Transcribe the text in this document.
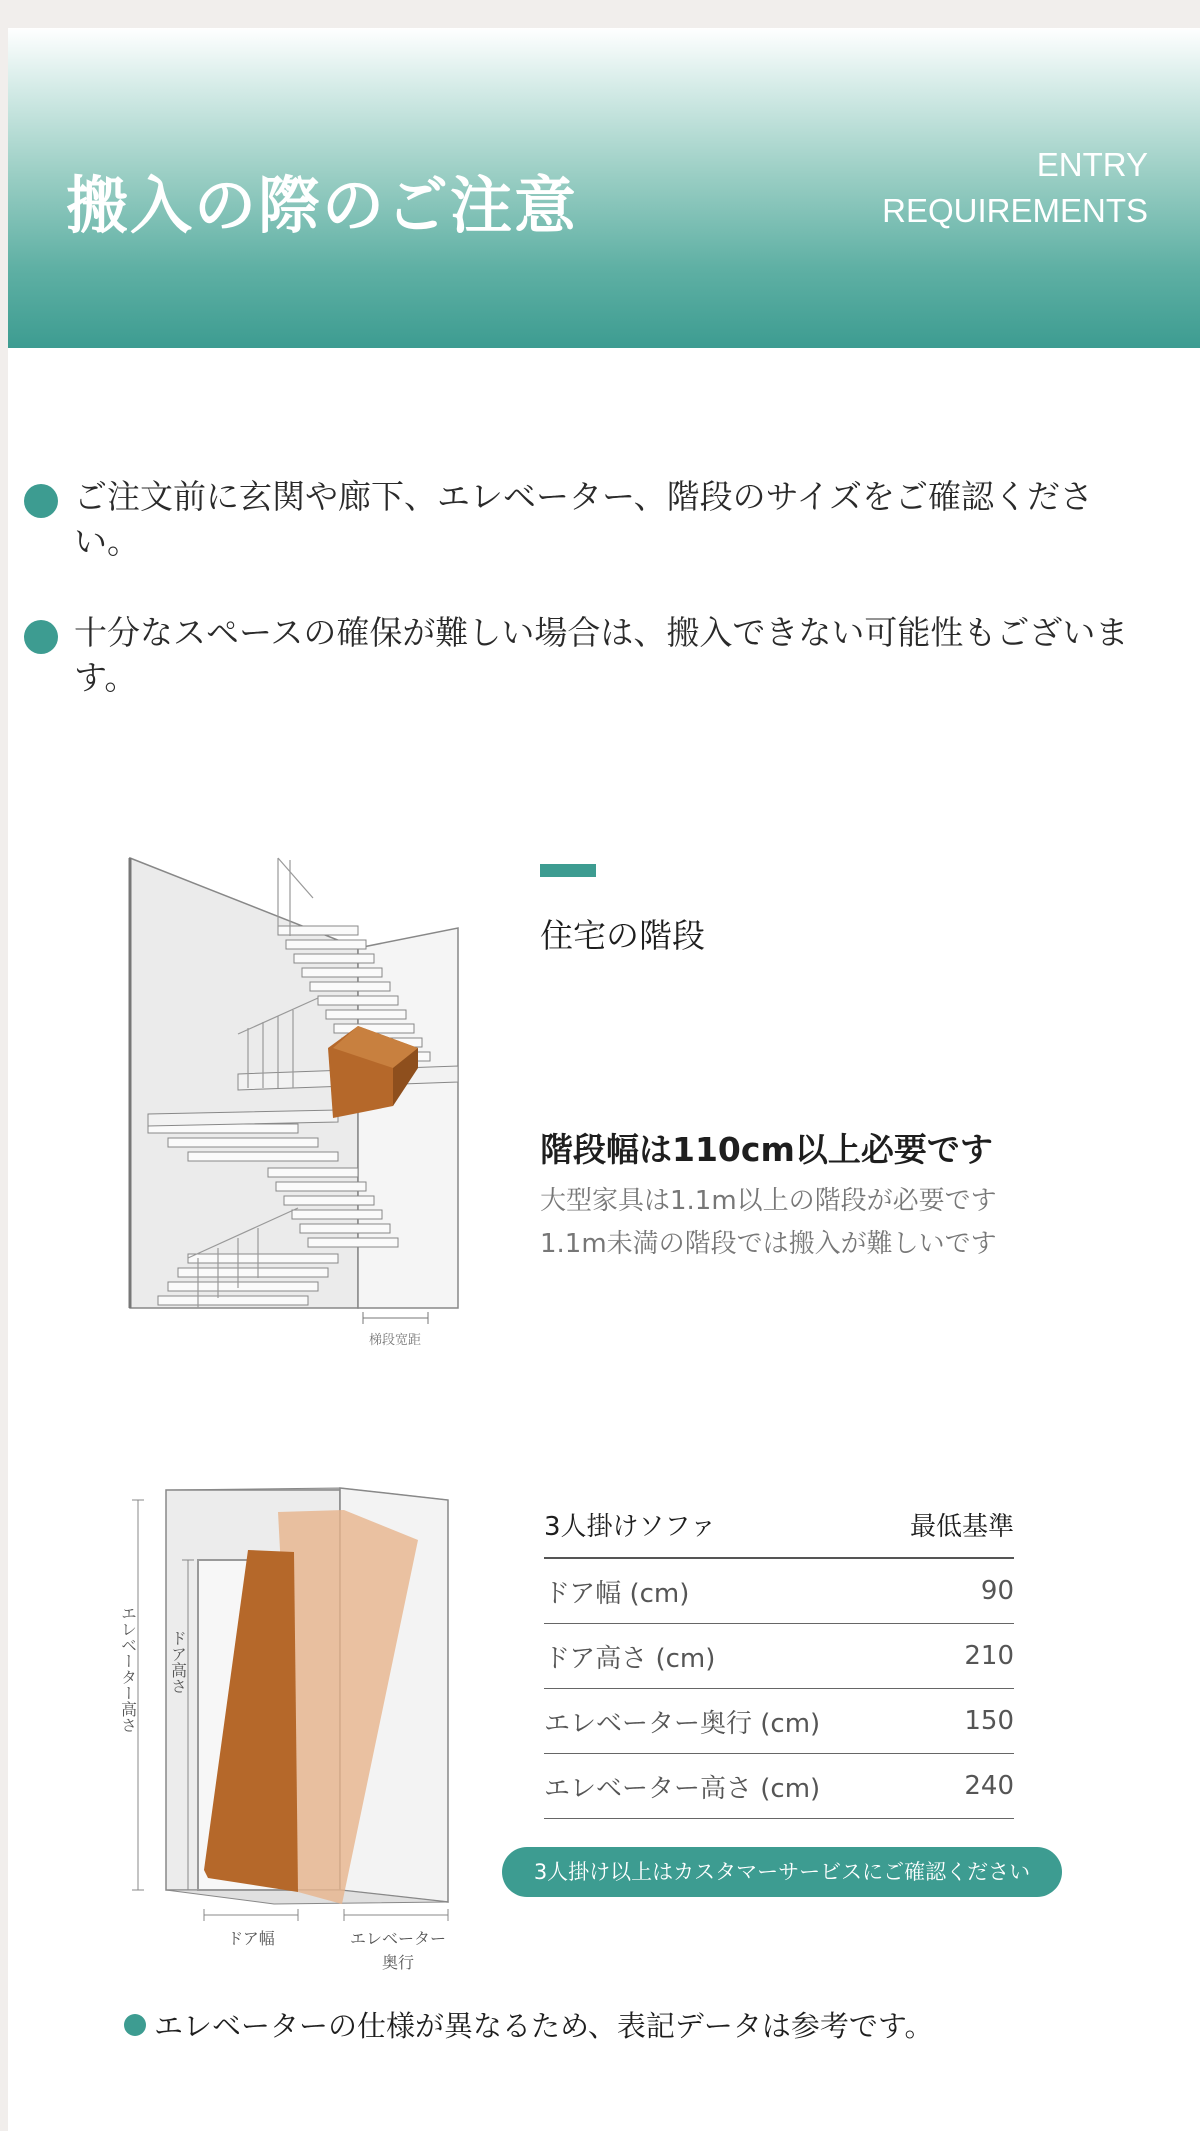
搬入の際のご注意
ENTRY
REQUIREMENTS
ご注文前に玄関や廊下、エレベーター、階段のサイズをご確認ください。
十分なスペースの確保が難しい場合は、搬入できない可能性もございます。
梯段宽距
住宅の階段
階段幅は110cm以上必要です
大型家具は1.1m以上の階段が必要です
1.1m未満の階段では搬入が難しいです
エレベーター高さ ドア高さ
ドア幅	エレベーター
奥行
3人掛けソファ	最低基準
ドア幅 (cm)	90
ドア高さ (cm)	210
エレベーター奥行 (cm)	150
エレベーター高さ (cm)	240
3人掛け以上はカスタマーサービスにご確認ください
エレベーターの仕様が異なるため、表記データは参考です。
